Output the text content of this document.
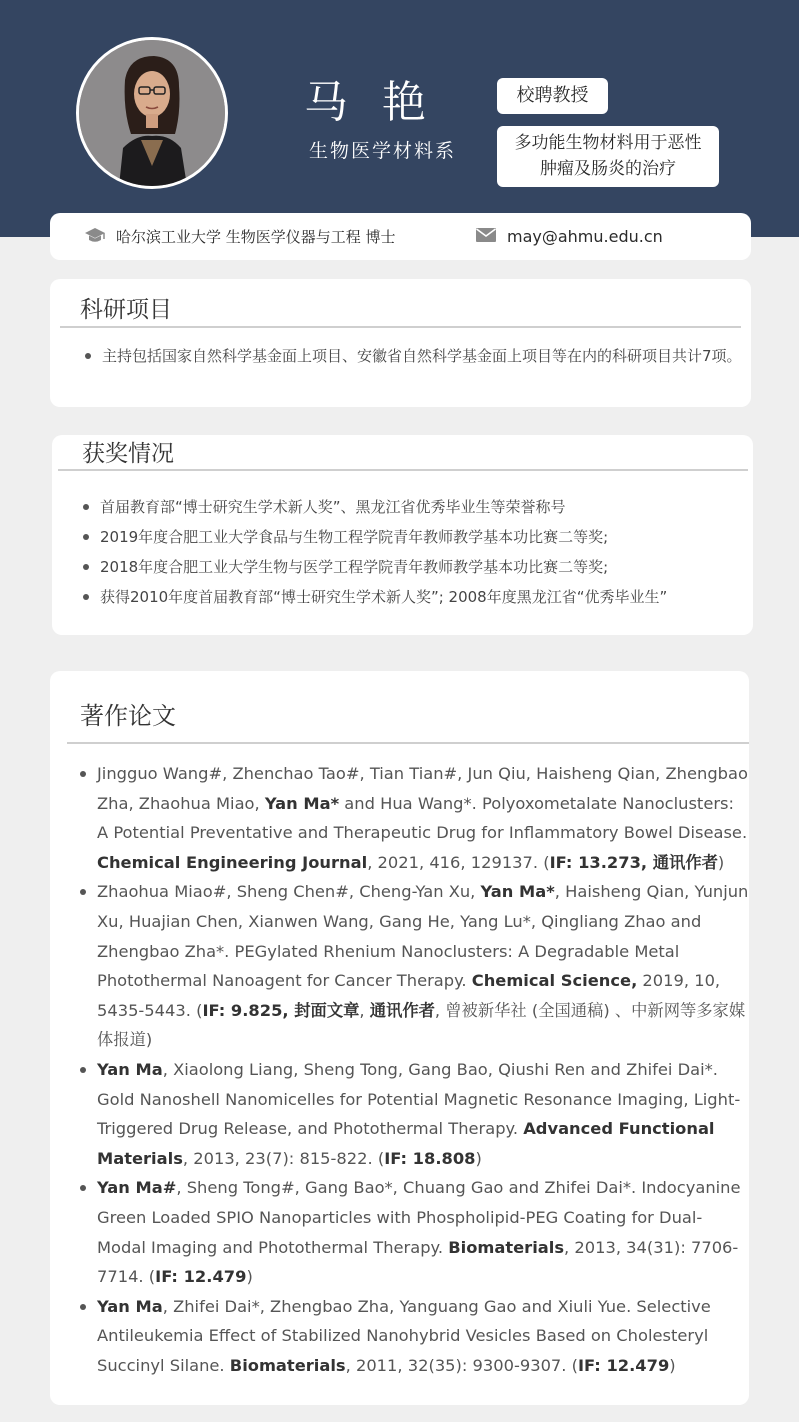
马 艳
生物医学材料系
校聘教授
多功能生物材料用于恶性肿瘤及肠炎的治疗
哈尔滨工业大学 生物医学仪器与工程 博士	may@ahmu.edu.cn
科研项目
主持包括国家自然科学基金面上项目、安徽省自然科学基金面上项目等在内的科研项目共计7项。
获奖情况
首届教育部“博士研究生学术新人奖”、黑龙江省优秀毕业生等荣誉称号
2019年度合肥工业大学食品与生物工程学院青年教师教学基本功比赛二等奖;
2018年度合肥工业大学生物与医学工程学院青年教师教学基本功比赛二等奖;
获得2010年度首届教育部“博士研究生学术新人奖”; 2008年度黑龙江省“优秀毕业生”
著作论文
Jingguo Wang#, Zhenchao Tao#, Tian Tian#, Jun Qiu, Haisheng Qian, Zhengbao Zha, Zhaohua Miao, Yan Ma* and Hua Wang*. Polyoxometalate Nanoclusters: A Potential Preventative and Therapeutic Drug for Inflammatory Bowel Disease. Chemical Engineering Journal, 2021, 416, 129137. (IF: 13.273, 通讯作者)
Zhaohua Miao#, Sheng Chen#, Cheng-Yan Xu, Yan Ma*, Haisheng Qian, Yunjun Xu, Huajian Chen, Xianwen Wang, Gang He, Yang Lu*, Qingliang Zhao and Zhengbao Zha*. PEGylated Rhenium Nanoclusters: A Degradable Metal Photothermal Nanoagent for Cancer Therapy. Chemical Science, 2019, 10, 5435-5443. (IF: 9.825, 封面文章, 通讯作者, 曾被新华社 (全国通稿) 、中新网等多家媒体报道)
Yan Ma, Xiaolong Liang, Sheng Tong, Gang Bao, Qiushi Ren and Zhifei Dai*. Gold Nanoshell Nanomicelles for Potential Magnetic Resonance Imaging, Light-Triggered Drug Release, and Photothermal Therapy. Advanced Functional Materials, 2013, 23(7): 815-822. (IF: 18.808)
Yan Ma#, Sheng Tong#, Gang Bao*, Chuang Gao and Zhifei Dai*. Indocyanine Green Loaded SPIO Nanoparticles with Phospholipid-PEG Coating for Dual-Modal Imaging and Photothermal Therapy. Biomaterials, 2013, 34(31): 7706-7714. (IF: 12.479)
Yan Ma, Zhifei Dai*, Zhengbao Zha, Yanguang Gao and Xiuli Yue. Selective Antileukemia Effect of Stabilized Nanohybrid Vesicles Based on Cholesteryl Succinyl Silane. Biomaterials, 2011, 32(35): 9300-9307. (IF: 12.479)
